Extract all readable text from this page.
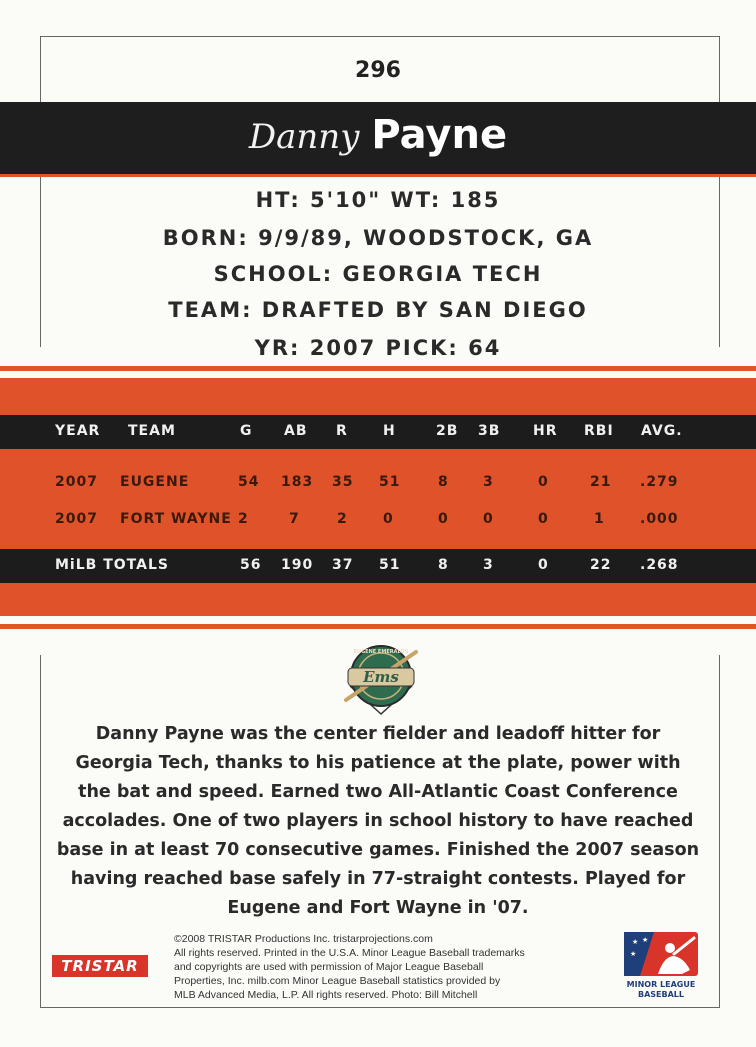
296
Danny Payne
HT: 5'10" WT: 185
BORN: 9/9/89, WOODSTOCK, GA
SCHOOL: GEORGIA TECH
TEAM: DRAFTED BY SAN DIEGO
YR: 2007 PICK: 64
YEAR TEAM	G AB R	H	2B 3B HR RBI AVG.
2007 EUGENE	54 183 35 51	8 3	0	21 .279
2007 FORT WAYNE 2	7	2	0	0 0	0	1	.000
MiLB TOTALS	56 190 37 51	8 3	0	22 .268
Ems
EUGENE EMERALDS
Danny Payne was the center fielder and leadoff hitter for
Georgia Tech, thanks to his patience at the plate, power with
the bat and speed. Earned two All-Atlantic Coast Conference
accolades. One of two players in school history to have reached
base in at least 70 consecutive games. Finished the 2007 season
having reached base safely in 77-straight contests. Played for
Eugene and Fort Wayne in '07.
TRISTAR
©2008 TRISTAR Productions Inc. tristarprojections.com
All rights reserved. Printed in the U.S.A. Minor League Baseball trademarks
and copyrights are used with permission of Major League Baseball
Properties, Inc. milb.com Minor League Baseball statistics provided by
MLB Advanced Media, L.P. All rights reserved. Photo: Bill Mitchell
★ ★
★
MINOR LEAGUE
BASEBALL
